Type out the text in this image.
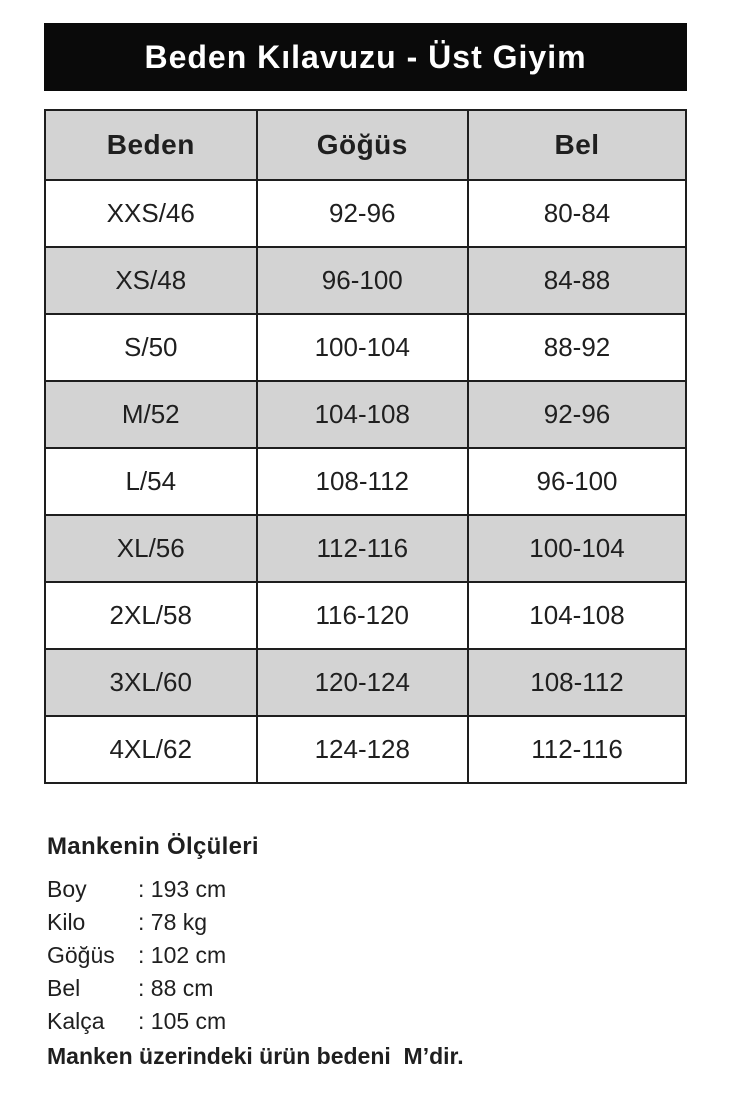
Beden Kılavuzu - Üst Giyim
Beden	Göğüs	Bel
XXS/46	92-96	80-84
XS/48	96-100	84-88
S/50	100-104	88-92
M/52	104-108	92-96
L/54	108-112	96-100
XL/56	112-116	100-104
2XL/58	116-120	104-108
3XL/60	120-124	108-112
4XL/62	124-128	112-116
Mankenin Ölçüleri
Boy	: 193 cm
Kilo	: 78 kg
Göğüs	: 102 cm
Bel	: 88 cm
Kalça	: 105 cm

Manken üzerindeki ürün bedeni  M’dir.
